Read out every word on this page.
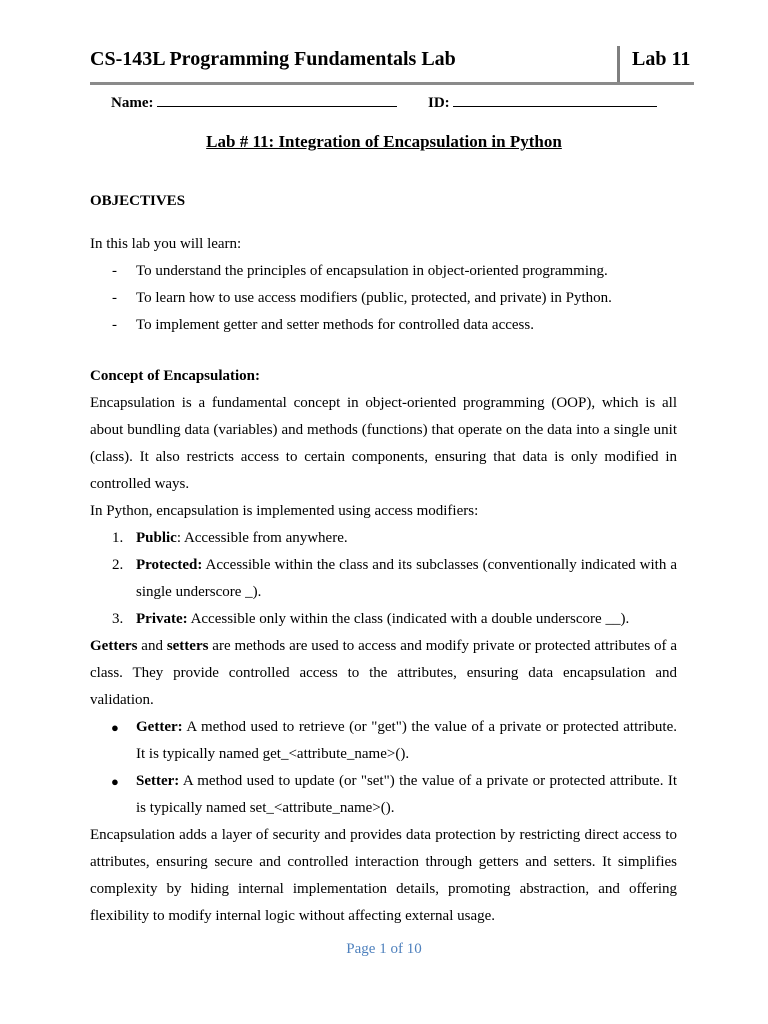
CS-143L Programming Fundamentals Lab	Lab 11
Name:	ID:
Lab # 11: Integration of Encapsulation in Python

OBJECTIVES

In this lab you will learn:

- To understand the principles of encapsulation in object-oriented programming.
- To learn how to use access modifiers (public, protected, and private) in Python.
- To implement getter and setter methods for controlled data access.

Concept of Encapsulation:

Encapsulation is a fundamental concept in object-oriented programming (OOP), which is all about bundling data (variables) and methods (functions) that operate on the data into a single unit (class). It also restricts access to certain components, ensuring that data is only modified in controlled ways.

In Python, encapsulation is implemented using access modifiers:

1. Public: Accessible from anywhere.
2. Protected: Accessible within the class and its subclasses (conventionally indicated with a single underscore _).
3. Private: Accessible only within the class (indicated with a double underscore __).

Getters and setters are methods are used to access and modify private or protected attributes of a class. They provide controlled access to the attributes, ensuring data encapsulation and validation.

● Getter: A method used to retrieve (or "get") the value of a private or protected attribute. It is typically named get_<attribute_name>().
● Setter: A method used to update (or "set") the value of a private or protected attribute. It is typically named set_<attribute_name>().

Encapsulation adds a layer of security and provides data protection by restricting direct access to attributes, ensuring secure and controlled interaction through getters and setters. It simplifies complexity by hiding internal implementation details, promoting abstraction, and offering flexibility to modify internal logic without affecting external usage.

Page 1 of 10
